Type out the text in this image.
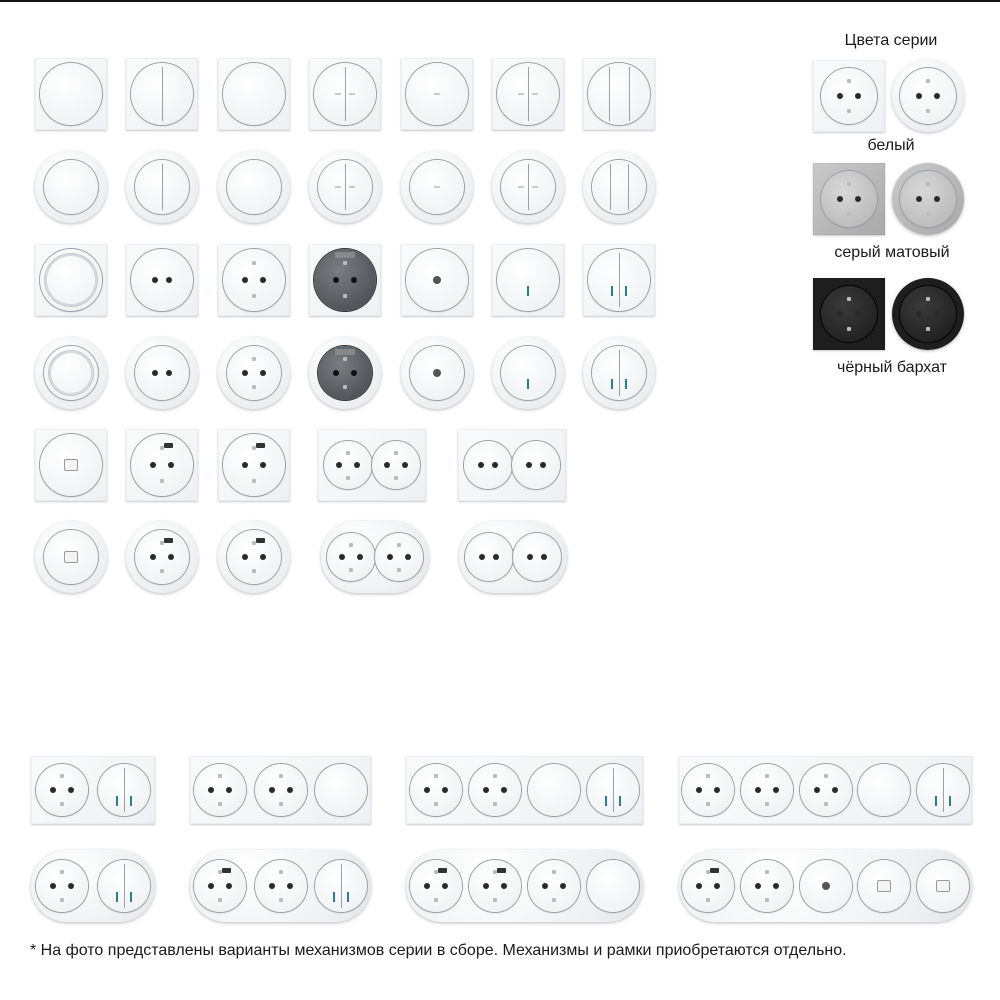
Цвета серии
белый
серый матовый
чёрный бархат
* На фото представлены варианты механизмов серии в сборе. Механизмы и рамки приобретаются отдельно.
